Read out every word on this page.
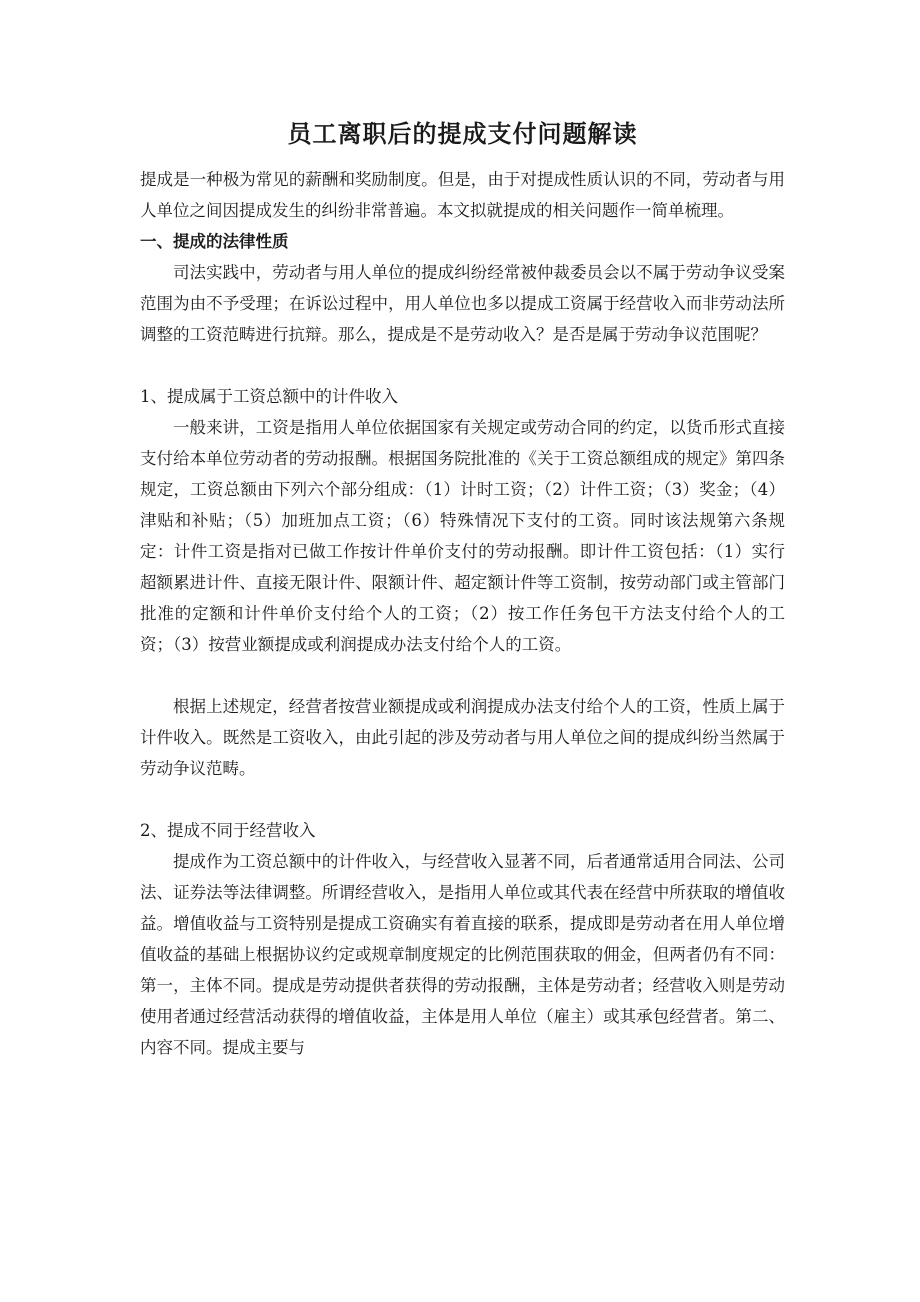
员工离职后的提成支付问题解读

提成是一种极为常见的薪酬和奖励制度。但是，由于对提成性质认识的不同，劳动者与用人单位之间因提成发生的纠纷非常普遍。本文拟就提成的相关问题作一简单梳理。

一、提成的法律性质

司法实践中，劳动者与用人单位的提成纠纷经常被仲裁委员会以不属于劳动争议受案范围为由不予受理；在诉讼过程中，用人单位也多以提成工资属于经营收入而非劳动法所调整的工资范畴进行抗辩。那么，提成是不是劳动收入？是否是属于劳动争议范围呢？

1、提成属于工资总额中的计件收入

一般来讲，工资是指用人单位依据国家有关规定或劳动合同的约定，以货币形式直接支付给本单位劳动者的劳动报酬。根据国务院批准的《关于工资总额组成的规定》第四条规定，工资总额由下列六个部分组成：（1）计时工资；（2）计件工资；（3）奖金；（4）津贴和补贴；（5）加班加点工资；（6）特殊情况下支付的工资。同时该法规第六条规定：计件工资是指对已做工作按计件单价支付的劳动报酬。即计件工资包括：（1）实行超额累进计件、直接无限计件、限额计件、超定额计件等工资制，按劳动部门或主管部门批准的定额和计件单价支付给个人的工资；（2）按工作任务包干方法支付给个人的工资；（3）按营业额提成或利润提成办法支付给个人的工资。

根据上述规定，经营者按营业额提成或利润提成办法支付给个人的工资，性质上属于计件收入。既然是工资收入，由此引起的涉及劳动者与用人单位之间的提成纠纷当然属于劳动争议范畴。

2、提成不同于经营收入

提成作为工资总额中的计件收入，与经营收入显著不同，后者通常适用合同法、公司法、证券法等法律调整。所谓经营收入，是指用人单位或其代表在经营中所获取的增值收益。增值收益与工资特别是提成工资确实有着直接的联系，提成即是劳动者在用人单位增值收益的基础上根据协议约定或规章制度规定的比例范围获取的佣金，但两者仍有不同：第一，主体不同。提成是劳动提供者获得的劳动报酬，主体是劳动者；经营收入则是劳动使用者通过经营活动获得的增值收益，主体是用人单位（雇主）或其承包经营者。第二、内容不同。提成主要与
